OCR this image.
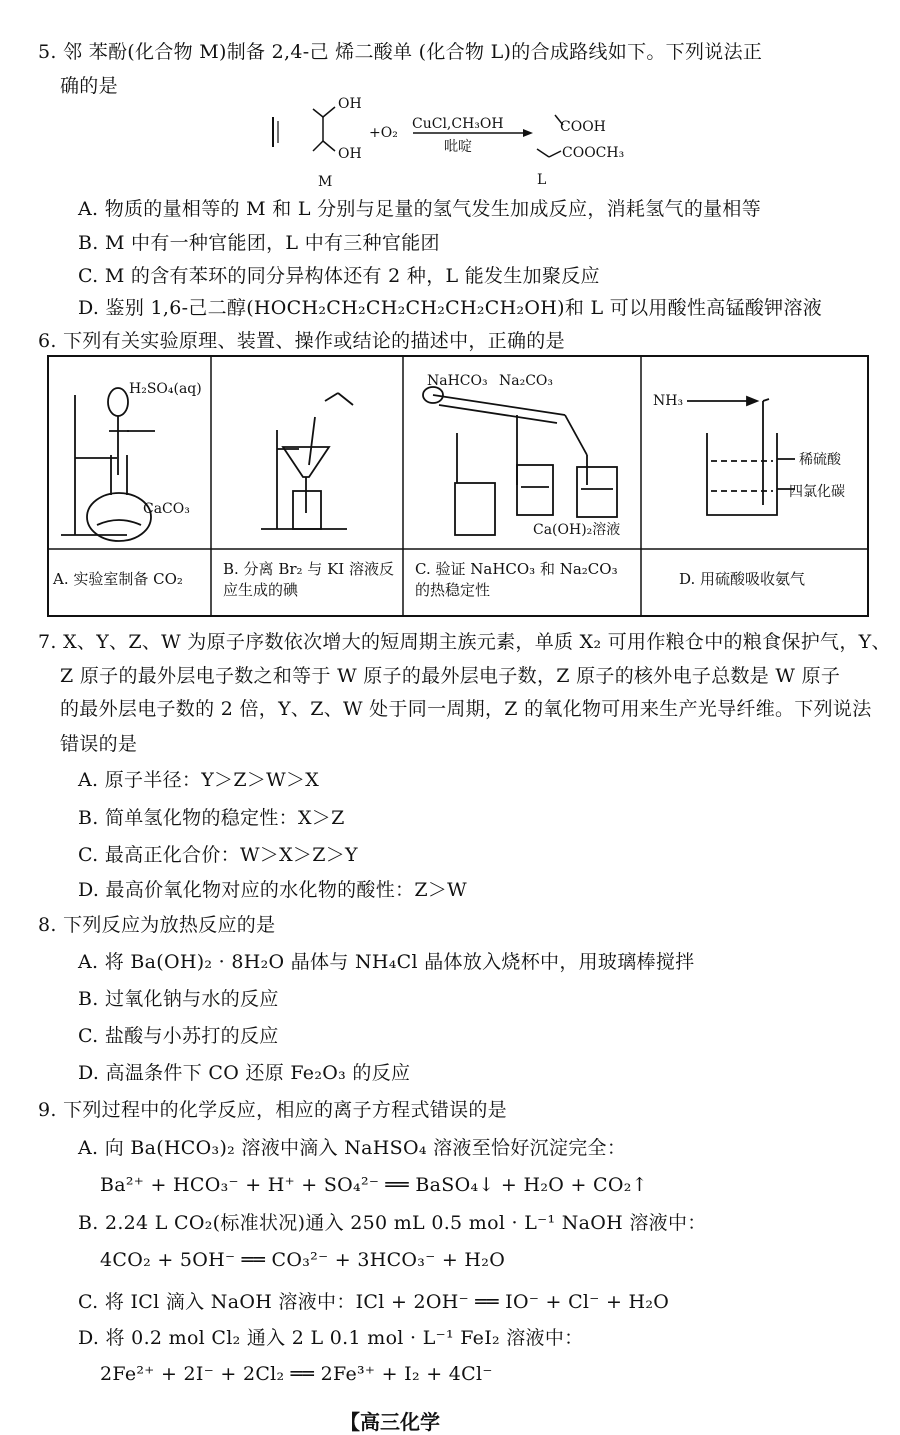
5. 邻 苯酚(化合物 M)制备 2,4-己 烯二酸单 (化合物 L)的合成路线如下。下列说法正
确的是
OH
OH
+O₂
CuCl,CH₃OH
吡啶
COOH
COOCH₃
M	L
A. 物质的量相等的 M 和 L 分别与足量的氢气发生加成反应，消耗氢气的量相等
B. M 中有一种官能团，L 中有三种官能团
C. M 的含有苯环的同分异构体还有 2 种，L 能发生加聚反应
D. 鉴别 1,6-己二醇(HOCH₂CH₂CH₂CH₂CH₂CH₂OH)和 L 可以用酸性高锰酸钾溶液
6. 下列有关实验原理、装置、操作或结论的描述中，正确的是
H₂SO₄(aq)
CaCO₃
NaHCO₃ Na₂CO₃
Ca(OH)₂溶液
NH₃
稀硫酸
四氯化碳
A. 实验室制备 CO₂
B. 分离 Br₂ 与 KI 溶液反应生成的碘
C. 验证 NaHCO₃ 和 Na₂CO₃ 的热稳定性
D. 用硫酸吸收氨气
7. X、Y、Z、W 为原子序数依次增大的短周期主族元素，单质 X₂ 可用作粮仓中的粮食保护气，Y、
Z 原子的最外层电子数之和等于 W 原子的最外层电子数，Z 原子的核外电子总数是 W 原子
的最外层电子数的 2 倍，Y、Z、W 处于同一周期，Z 的氧化物可用来生产光导纤维。下列说法
错误的是
A. 原子半径：Y＞Z＞W＞X
B. 简单氢化物的稳定性：X＞Z
C. 最高正化合价：W＞X＞Z＞Y
D. 最高价氧化物对应的水化物的酸性：Z＞W
8. 下列反应为放热反应的是
A. 将 Ba(OH)₂ · 8H₂O 晶体与 NH₄Cl 晶体放入烧杯中，用玻璃棒搅拌
B. 过氧化钠与水的反应
C. 盐酸与小苏打的反应
D. 高温条件下 CO 还原 Fe₂O₃ 的反应
9. 下列过程中的化学反应，相应的离子方程式错误的是
A. 向 Ba(HCO₃)₂ 溶液中滴入 NaHSO₄ 溶液至恰好沉淀完全：
Ba²⁺ + HCO₃⁻ + H⁺ + SO₄²⁻ ══ BaSO₄↓ + H₂O + CO₂↑
B. 2.24 L CO₂(标准状况)通入 250 mL 0.5 mol · L⁻¹ NaOH 溶液中：
4CO₂ + 5OH⁻ ══ CO₃²⁻ + 3HCO₃⁻ + H₂O
C. 将 ICl 滴入 NaOH 溶液中：ICl + 2OH⁻ ══ IO⁻ + Cl⁻ + H₂O
D. 将 0.2 mol Cl₂ 通入 2 L 0.1 mol · L⁻¹ FeI₂ 溶液中：
2Fe²⁺ + 2I⁻ + 2Cl₂ ══ 2Fe³⁺ + I₂ + 4Cl⁻
【高三化学
